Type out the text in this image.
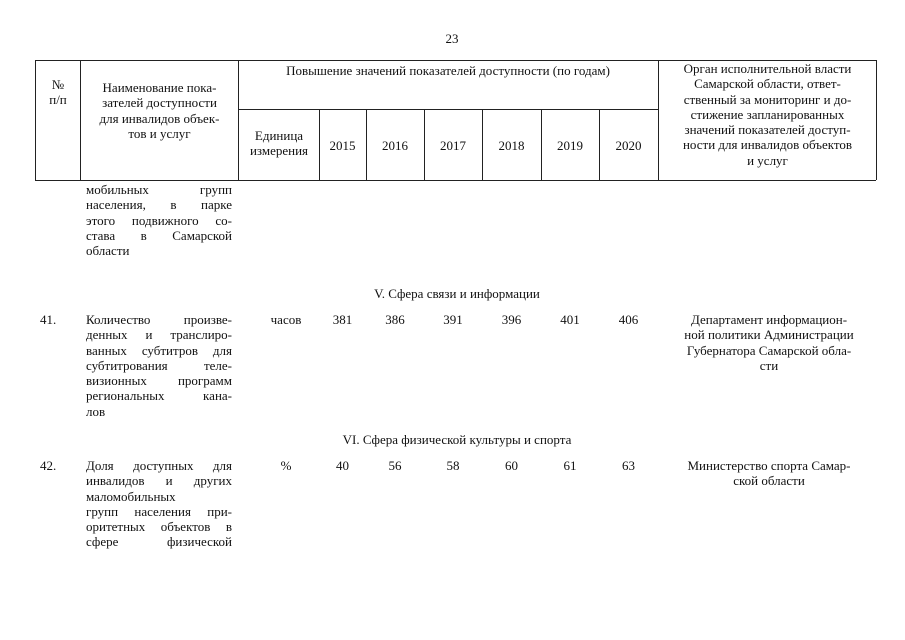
23
№
п/п
Наименование пока-
зателей доступности
для инвалидов объек-
тов и услуг
Повышение значений показателей доступности (по годам)
Единица
измерения	2015	2016	2017	2018	2019	2020
Орган исполнительной власти
Самарской области, ответ-
ственный за мониторинг и до-
стижение запланированных
значений показателей доступ-
ности для инвалидов объектов
и услуг
мобильных групп
населения, в парке
этого подвижного со-
става в Самарской
области
V. Сфера связи и информации
41.	Количество произве-
денных и транслиро-
ванных субтитров для
субтитрования теле-
визионных программ
региональных кана-
лов
часов	381	386	391	396	401	406	Департамент информацион-
ной политики Администрации
Губернатора Самарской обла-
сти
VI. Сфера физической культуры и спорта
42.	Доля доступных для
инвалидов и других
маломобильных
групп населения при-
оритетных объектов в
сфере физической
%	40	56	58	60	61	63	Министерство спорта Самар-
ской области
